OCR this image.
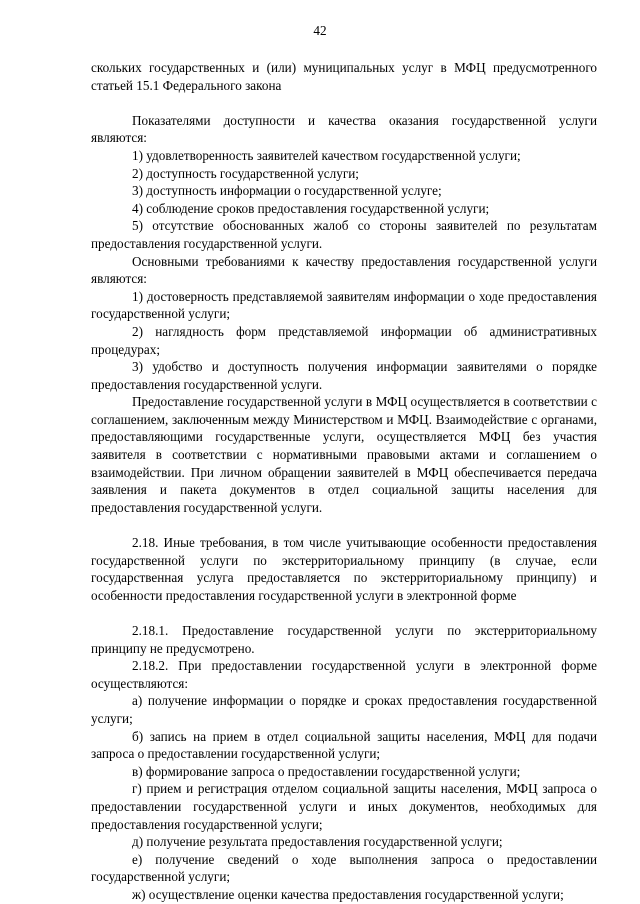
42

скольких государственных и (или) муниципальных услуг в МФЦ предусмотренного статьей 15.1 Федерального закона

Показателями доступности и качества оказания государственной услуги являются:

1) удовлетворенность заявителей качеством государственной услуги;

2) доступность государственной услуги;

3) доступность информации о государственной услуге;

4) соблюдение сроков предоставления государственной услуги;

5) отсутствие обоснованных жалоб со стороны заявителей по результатам предоставления государственной услуги.

Основными требованиями к качеству предоставления государственной услуги являются:

1) достоверность представляемой заявителям информации о ходе предоставления государственной услуги;

2) наглядность форм представляемой информации об административных процедурах;

3) удобство и доступность получения информации заявителями о порядке предоставления государственной услуги.

Предоставление государственной услуги в МФЦ осуществляется в соответствии с соглашением, заключенным между Министерством и МФЦ. Взаимодействие с органами, предоставляющими государственные услуги, осуществляется МФЦ без участия заявителя в соответствии с нормативными правовыми актами и соглашением о взаимодействии. При личном обращении заявителей в МФЦ обеспечивается передача заявления и пакета документов в отдел социальной защиты населения для предоставления государственной услуги.

2.18. Иные требования, в том числе учитывающие особенности предоставления государственной услуги по экстерриториальному принципу (в случае, если государственная услуга предоставляется по экстерриториальному принципу) и особенности предоставления государственной услуги в электронной форме

2.18.1. Предоставление государственной услуги по экстерриториальному принципу не предусмотрено.

2.18.2. При предоставлении государственной услуги в электронной форме осуществляются:

а) получение информации о порядке и сроках предоставления государственной услуги;

б) запись на прием в отдел социальной защиты населения, МФЦ для подачи запроса о предоставлении государственной услуги;

в) формирование запроса о предоставлении государственной услуги;

г) прием и регистрация отделом социальной защиты населения, МФЦ запроса о предоставлении государственной услуги и иных документов, необходимых для предоставления государственной услуги;

д) получение результата предоставления государственной услуги;

е) получение сведений о ходе выполнения запроса о предоставлении государственной услуги;

ж) осуществление оценки качества предоставления государственной услуги;
